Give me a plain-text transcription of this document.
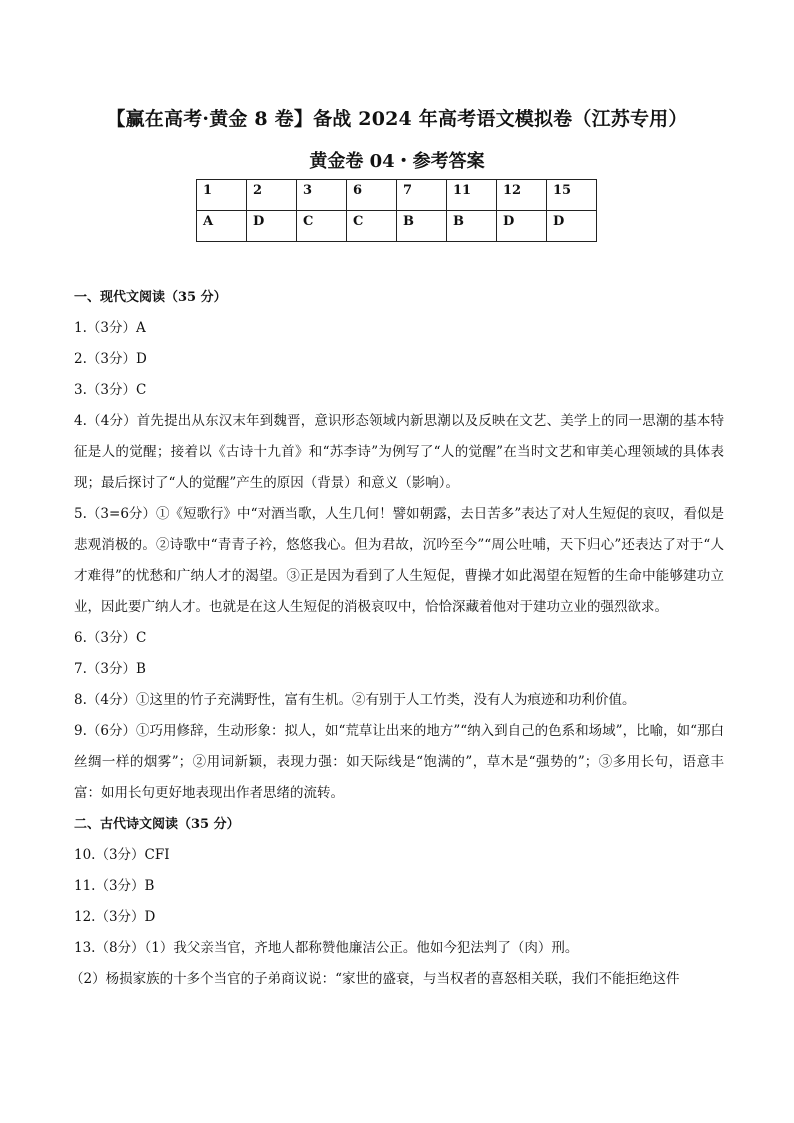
【赢在高考·黄金 8 卷】备战 2024 年高考语文模拟卷（江苏专用）
黄金卷 04・参考答案
1	2	3	6	7	11	12	15
A	D	C	C	B	B	D	D

一、现代文阅读（35 分）

1.（3分）A

2.（3分）D

3.（3分）C

4.（4分）首先提出从东汉末年到魏晋，意识形态领域内新思潮以及反映在文艺、美学上的同一思潮的基本特征是人的觉醒；接着以《古诗十九首》和“苏李诗”为例写了“人的觉醒”在当时文艺和审美心理领域的具体表现；最后探讨了“人的觉醒”产生的原因（背景）和意义（影响）。

5.（3=6分）①《短歌行》中“对酒当歌，人生几何！譬如朝露，去日苦多”表达了对人生短促的哀叹，看似是悲观消极的。②诗歌中“青青子衿，悠悠我心。但为君故，沉吟至今”“周公吐哺，天下归心”还表达了对于“人才难得”的忧愁和广纳人才的渴望。③正是因为看到了人生短促，曹操才如此渴望在短暂的生命中能够建功立业，因此要广纳人才。也就是在这人生短促的消极哀叹中，恰恰深藏着他对于建功立业的强烈欲求。

6.（3分）C

7.（3分）B

8.（4分）①这里的竹子充满野性，富有生机。②有别于人工竹类，没有人为痕迹和功利价值。

9.（6分）①巧用修辞，生动形象：拟人，如“荒草让出来的地方”“纳入到自己的色系和场域”，比喻，如“那白丝绸一样的烟雾”；②用词新颖，表现力强：如天际线是“饱满的”，草木是“强势的”；③多用长句，语意丰富：如用长句更好地表现出作者思绪的流转。

二、古代诗文阅读（35 分）

10.（3分）CFI

11.（3分）B

12.（3分）D

13.（8分）（1）我父亲当官，齐地人都称赞他廉洁公正。他如今犯法判了（肉）刑。

（2）杨损家族的十多个当官的子弟商议说：“家世的盛衰，与当权者的喜怒相关联，我们不能拒绝这件
